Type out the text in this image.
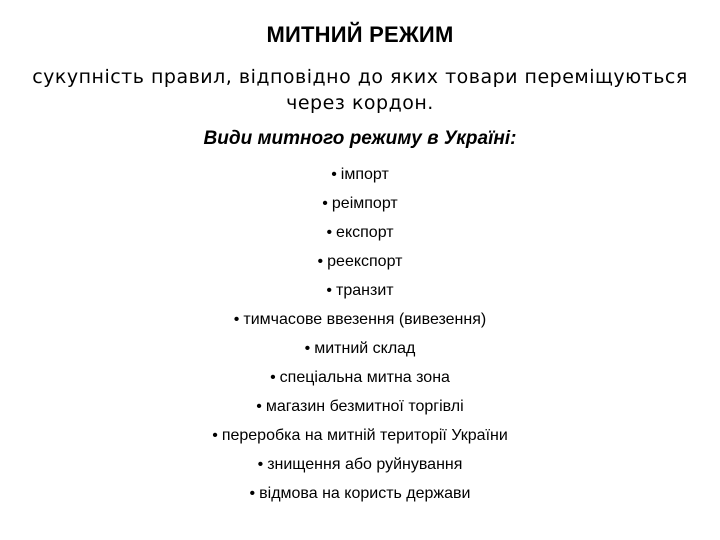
МИТНИЙ РЕЖИМ
сукупність правил, відповідно до яких товари переміщуються
через кордон.
Види митного режиму в Україні:
• імпорт
• реімпорт
• експорт
• реекспорт
• транзит
• тимчасове ввезення (вивезення)
• митний склад
• спеціальна митна зона
• магазин безмитної торгівлі
• переробка на митній території України
• знищення або руйнування
• відмова на користь держави
